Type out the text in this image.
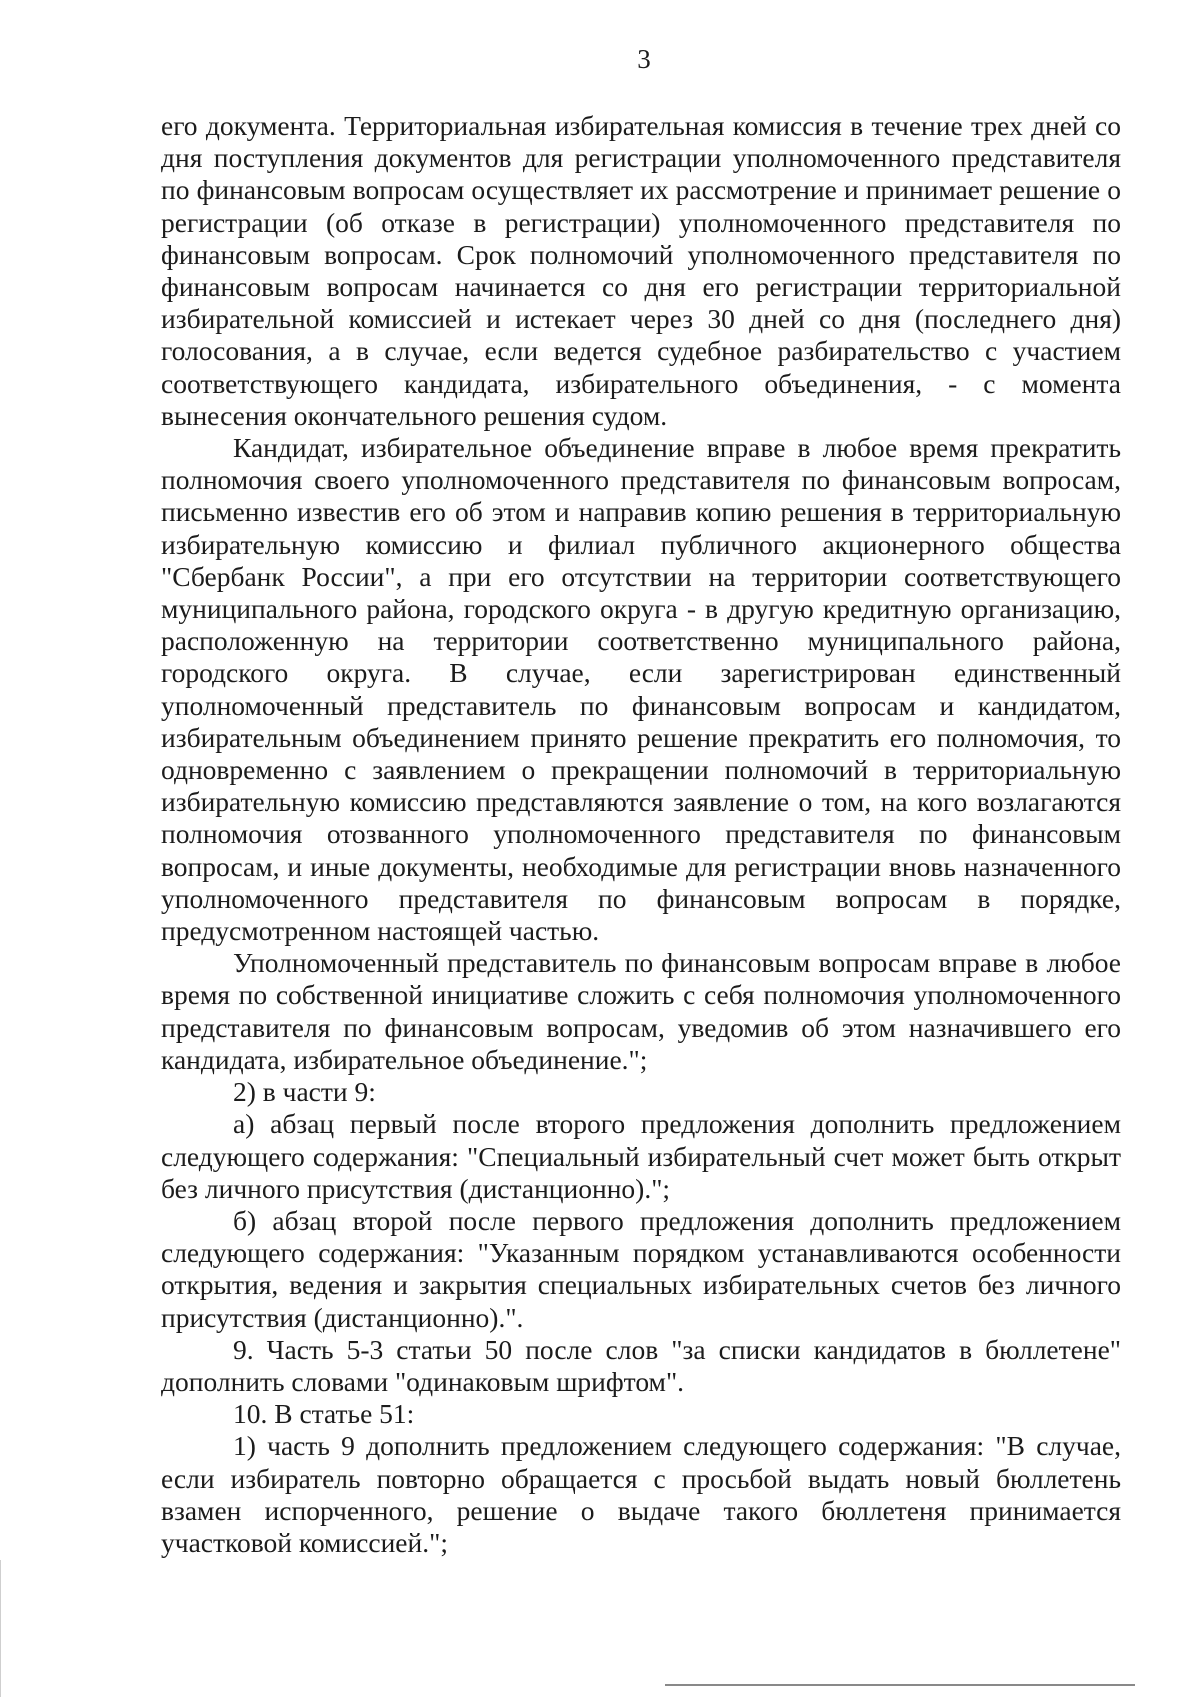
3

его документа. Территориальная избирательная комиссия в течение трех дней со дня поступления документов для регистрации уполномоченного представителя по финансовым вопросам осуществляет их рассмотрение и принимает решение о регистрации (об отказе в регистрации) уполномоченного представителя по финансовым вопросам. Срок полномочий уполномоченного представителя по финансовым вопросам начинается со дня его регистрации территориальной избирательной комиссией и истекает через 30 дней со дня (последнего дня) голосования, а в случае, если ведется судебное разбирательство с участием соответствующего кандидата, избирательного объединения, - с момента вынесения окончательного решения судом.

Кандидат, избирательное объединение вправе в любое время прекратить полномочия своего уполномоченного представителя по финансовым вопросам, письменно известив его об этом и направив копию решения в территориальную избирательную комиссию и филиал публичного акционерного общества "Сбербанк России", а при его отсутствии на территории соответствующего муниципального района, городского округа - в другую кредитную организацию, расположенную на территории соответственно муниципального района, городского округа. В случае, если зарегистрирован единственный уполномоченный представитель по финансовым вопросам и кандидатом, избирательным объединением принято решение прекратить его полномочия, то одновременно с заявлением о прекращении полномочий в территориальную избирательную комиссию представляются заявление о том, на кого возлагаются полномочия отозванного уполномоченного представителя по финансовым вопросам, и иные документы, необходимые для регистрации вновь назначенного уполномоченного представителя по финансовым вопросам в порядке, предусмотренном настоящей частью.

Уполномоченный представитель по финансовым вопросам вправе в любое время по собственной инициативе сложить с себя полномочия уполномоченного представителя по финансовым вопросам, уведомив об этом назначившего его кандидата, избирательное объединение.";

2) в части 9:

а) абзац первый после второго предложения дополнить предложением следующего содержания: "Специальный избирательный счет может быть открыт без личного присутствия (дистанционно).";

б) абзац второй после первого предложения дополнить предложением следующего содержания: "Указанным порядком устанавливаются особенности открытия, ведения и закрытия специальных избирательных счетов без личного присутствия (дистанционно).".

9. Часть 5-3 статьи 50 после слов "за списки кандидатов в бюллетене" дополнить словами "одинаковым шрифтом".

10. В статье 51:

1) часть 9 дополнить предложением следующего содержания: "В случае, если избиратель повторно обращается с просьбой выдать новый бюллетень взамен испорченного, решение о выдаче такого бюллетеня принимается участковой комиссией.";
